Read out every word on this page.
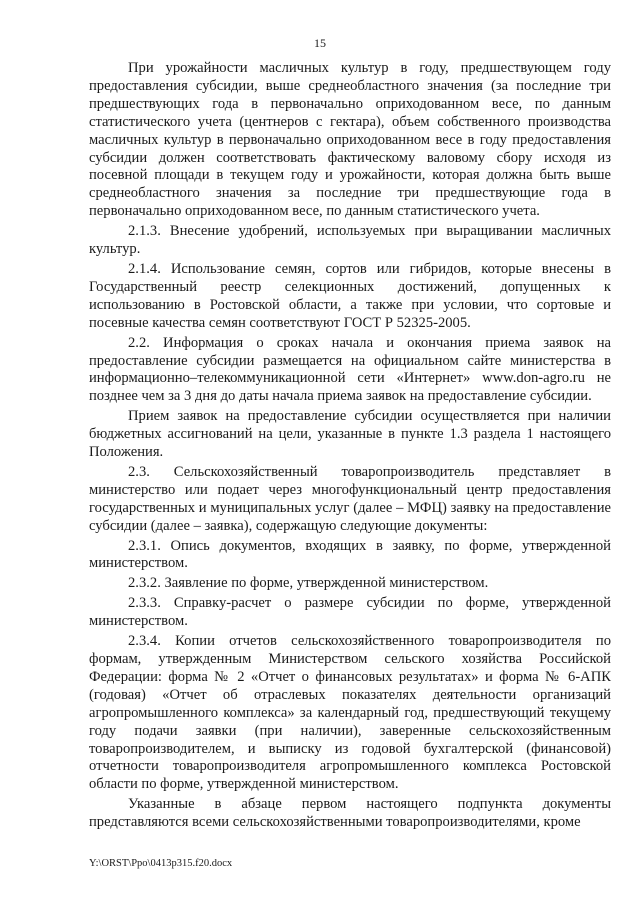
15

При урожайности масличных культур в году, предшествующем году предоставления субсидии, выше среднеобластного значения (за последние три предшествующих года в первоначально оприходованном весе, по данным статистического учета (центнеров с гектара), объем собственного производства масличных культур в первоначально оприходованном весе в году предоставления субсидии должен соответствовать фактическому валовому сбору исходя из посевной площади в текущем году и урожайности, которая должна быть выше среднеобластного значения за последние три предшествующие года в первоначально оприходованном весе, по данным статистического учета.

2.1.3. Внесение удобрений, используемых при выращивании масличных культур.

2.1.4. Использование семян, сортов или гибридов, которые внесены в Государственный реестр селекционных достижений, допущенных к использованию в Ростовской области, а также при условии, что сортовые и посевные качества семян соответствуют ГОСТ Р 52325-2005.

2.2. Информация о сроках начала и окончания приема заявок на предоставление субсидии размещается на официальном сайте министерства в информационно–телекоммуникационной сети «Интернет» www.don-agro.ru не позднее чем за 3 дня до даты начала приема заявок на предоставление субсидии.

Прием заявок на предоставление субсидии осуществляется при наличии бюджетных ассигнований на цели, указанные в пункте 1.3 раздела 1 настоящего Положения.

2.3. Сельскохозяйственный товаропроизводитель представляет в министерство или подает через многофункциональный центр предоставления государственных и муниципальных услуг (далее – МФЦ) заявку на предоставление субсидии (далее – заявка), содержащую следующие документы:

2.3.1. Опись документов, входящих в заявку, по форме, утвержденной министерством.

2.3.2. Заявление по форме, утвержденной министерством.

2.3.3. Справку-расчет о размере субсидии по форме, утвержденной министерством.

2.3.4. Копии отчетов сельскохозяйственного товаропроизводителя по формам, утвержденным Министерством сельского хозяйства Российской Федерации: форма № 2 «Отчет о финансовых результатах» и форма № 6-АПК (годовая) «Отчет об отраслевых показателях деятельности организаций агропромышленного комплекса» за календарный год, предшествующий текущему году подачи заявки (при наличии), заверенные сельскохозяйственным товаропроизводителем, и выписку из годовой бухгалтерской (финансовой) отчетности товаропроизводителя агропромышленного комплекса Ростовской области по форме, утвержденной министерством.

Указанные в абзаце первом настоящего подпункта документы представляются всеми сельскохозяйственными товаропроизводителями, кроме

Y:\ORST\Ppo\0413p315.f20.docx
